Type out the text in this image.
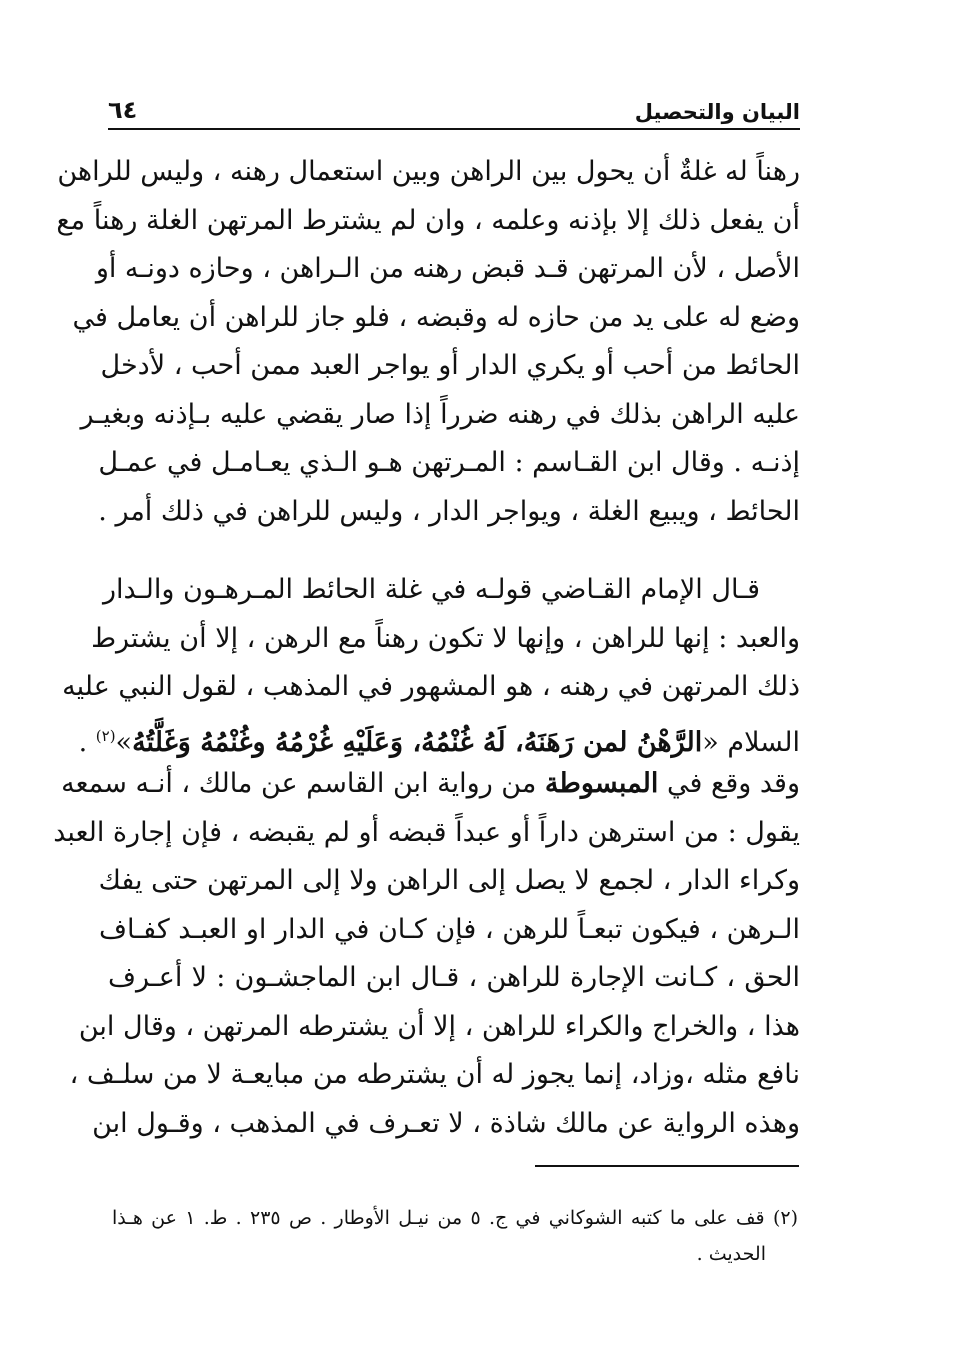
البيان والتحصيل
٦٤
رهناً له غلةٌ أن يحول بين الراهن وبين استعمال رهنه ، وليس للراهن
أن يفعل ذلك إلا بإذنه وعلمه ، وان لم يشترط المرتهن الغلة رهناً مع
الأصل ، لأن المرتهن قـد قبض رهنه من الـراهن ، وحازه دونـه أو
وضع له على يد من حازه له وقبضه ، فلو جاز للراهن أن يعامل في
الحائط من أحب أو يكري الدار أو يواجر العبد ممن أحب ، لأدخل
عليه الراهن بذلك في رهنه ضرراً إذا صار يقضي عليه بـإذنه وبغيـر
إذنـه . وقال ابن القـاسم : المـرتهن هـو الـذي يعـامـل في عمـل
الحائط ، ويبيع الغلة ، ويواجر الدار ، وليس للراهن في ذلك أمر .
قـال الإمام القـاضي قولـه في غلة الحائط المـرهـون والـدار
والعبد : إنها للراهن ، وإنها لا تكون رهناً مع الرهن ، إلا أن يشترط
ذلك المرتهن في رهنه ، هو المشهور في المذهب ، لقول النبي عليه
السلام «الرَّهْنُ لمن رَهَنَهُ، لَهُ غُنْمُهُ، وَعَلَيْهِ غُرْمُهُ وغُنْمُهُ وَغَلَّتُهُ»$^{(٢)}$ .
وقد وقع في المبسوطة من رواية ابن القاسم عن مالك ، أنـه سمعه
يقول : من استرهن داراً أو عبداً قبضه أو لم يقبضه ، فإن إجارة العبد
وكراء الدار ، لجمع لا يصل إلى الراهن ولا إلى المرتهن حتى يفك
الـرهن ، فيكون تبعـاً للرهن ، فإن كـان في الدار او العبـد كفـاف
الحق ، كـانت الإجارة للراهن ، قـال ابن الماجشـون : لا أعـرف
هذا ، والخراج والكراء للراهن ، إلا أن يشترطه المرتهن ، وقال ابن
نافع مثله ،وزاد، إنما يجوز له أن يشترطه من مبايعـة لا من سلـف ،
وهذه الرواية عن مالك شاذة ، لا تعـرف في المذهب ، وقـول ابن
(٢) قف على ما كتبه الشوكاني في ج. ٥ من نيـل الأوطار . ص ٢٣٥ . ط. ١ عن هـذا
الحديث .
